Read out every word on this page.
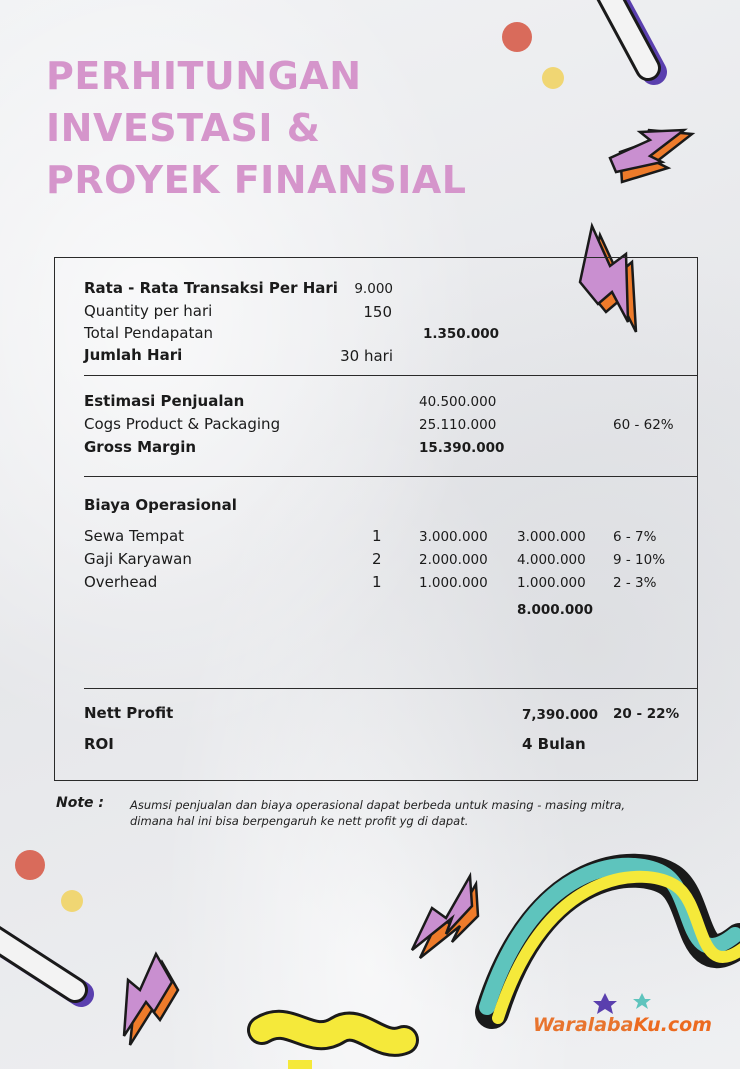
PERHITUNGAN
INVESTASI &
PROYEK FINANSIAL
Rata - Rata Transaksi Per Hari	9.000
Quantity per hari	150
Total Pendapatan	1.350.000
Jumlah Hari	30 hari
Estimasi Penjualan	40.500.000
Cogs Product & Packaging	25.110.000	60 - 62%
Gross Margin	15.390.000
Biaya Operasional
Sewa Tempat	1	3.000.000 3.000.000 6 - 7%
Gaji Karyawan	2	2.000.000 4.000.000 9 - 10%
Overhead	1	1.000.000 1.000.000 2 - 3%
8.000.000
Nett Profit	7,390.000 20 - 22%
ROI	4 Bulan
Note : Asumsi penjualan dan biaya operasional dapat berbeda untuk masing - masing mitra,
dimana hal ini bisa berpengaruh ke nett profit yg di dapat.
WaralabaKu.com
